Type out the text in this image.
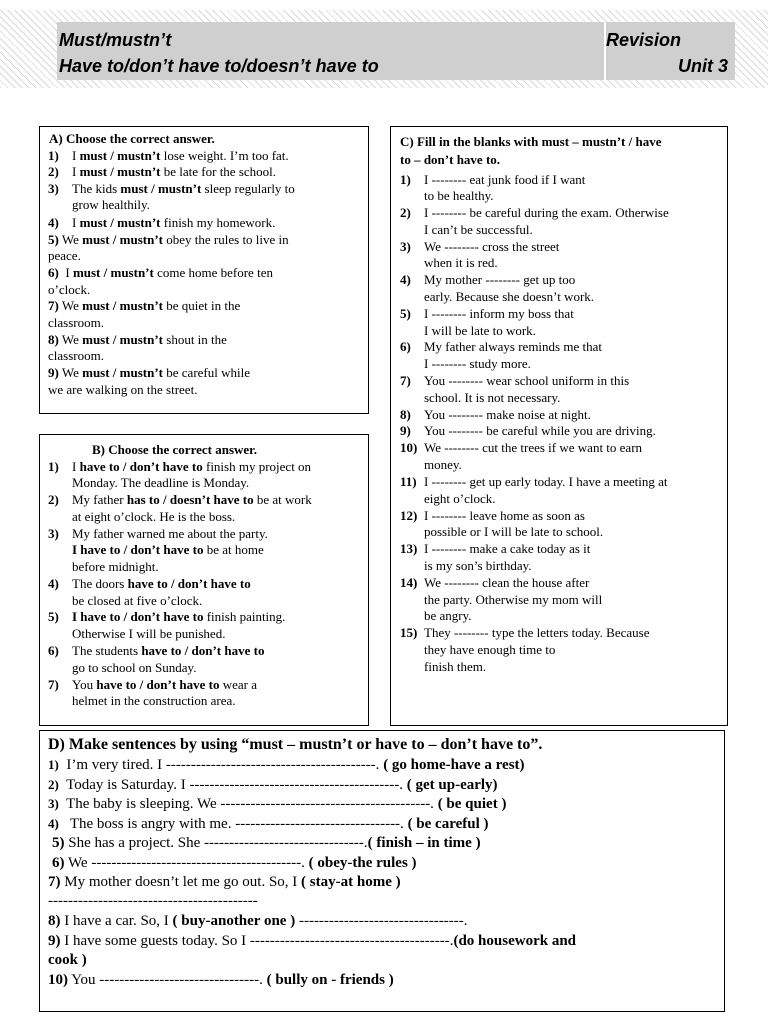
Must/mustn’t
Have to/don’t have to/doesn’t have to
Revision
Unit 3
A) Choose the correct answer.
1) I must / mustn’t lose weight. I’m too fat.
2) I must / mustn’t be late for the school.
3) The kids must / mustn’t sleep regularly to
grow healthily.
4) I must / mustn’t finish my homework.
5) We must / mustn’t obey the rules to live in
peace.
6)  I must / mustn’t come home before ten
o’clock.
7) We must / mustn’t be quiet in the
classroom.
8) We must / mustn’t shout in the
classroom.
9) We must / mustn’t be careful while
we are walking on the street.
B) Choose the correct answer.
1) I have to / don’t have to finish my project on
Monday. The deadline is Monday.
2) My father has to / doesn’t have to be at work
at eight o’clock. He is the boss.
3) My father warned me about the party.
I have to / don’t have to be at home
before midnight.
4) The doors have to / don’t have to
be closed at five o’clock.
5) I have to / don’t have to finish painting.
Otherwise I will be punished.
6) The students have to / don’t have to
go to school on Sunday.
7) You have to / don’t have to wear a
helmet in the construction area.
C) Fill in the blanks with must – mustn’t / have
to – don’t have to.
1) I -------- eat junk food if I want
to be healthy.
2) I -------- be careful during the exam. Otherwise
I can’t be successful.
3) We -------- cross the street
when it is red.
4) My mother -------- get up too
early. Because she doesn’t work.
5) I -------- inform my boss that
I will be late to work.
6) My father always reminds me that
I -------- study more.
7) You -------- wear school uniform in this
school. It is not necessary.
8) You -------- make noise at night.
9) You -------- be careful while you are driving.
10) We -------- cut the trees if we want to earn
money.
11) I -------- get up early today. I have a meeting at
eight o’clock.
12) I -------- leave home as soon as
possible or I will be late to school.
13) I -------- make a cake today as it
is my son’s birthday.
14) We -------- clean the house after
the party. Otherwise my mom will
be angry.
15) They -------- type the letters today. Because
they have enough time to
finish them.
D) Make sentences by using “must – mustn’t or have to – don’t have to”.
1)  I’m very tired. I ------------------------------------------. ( go home-have a rest)
2)  Today is Saturday. I ------------------------------------------. ( get up-early)
3)  The baby is sleeping. We ------------------------------------------. ( be quiet )
4)   The boss is angry with me. ---------------------------------. ( be careful )
5) She has a project. She --------------------------------.( finish – in time )
6) We ------------------------------------------. ( obey-the rules )
7) My mother doesn’t let me go out. So, I ( stay-at home )
------------------------------------------
8) I have a car. So, I ( buy-another one ) ---------------------------------.
9) I have some guests today. So I ----------------------------------------.(do housework and
cook )
10) You --------------------------------. ( bully on - friends )
